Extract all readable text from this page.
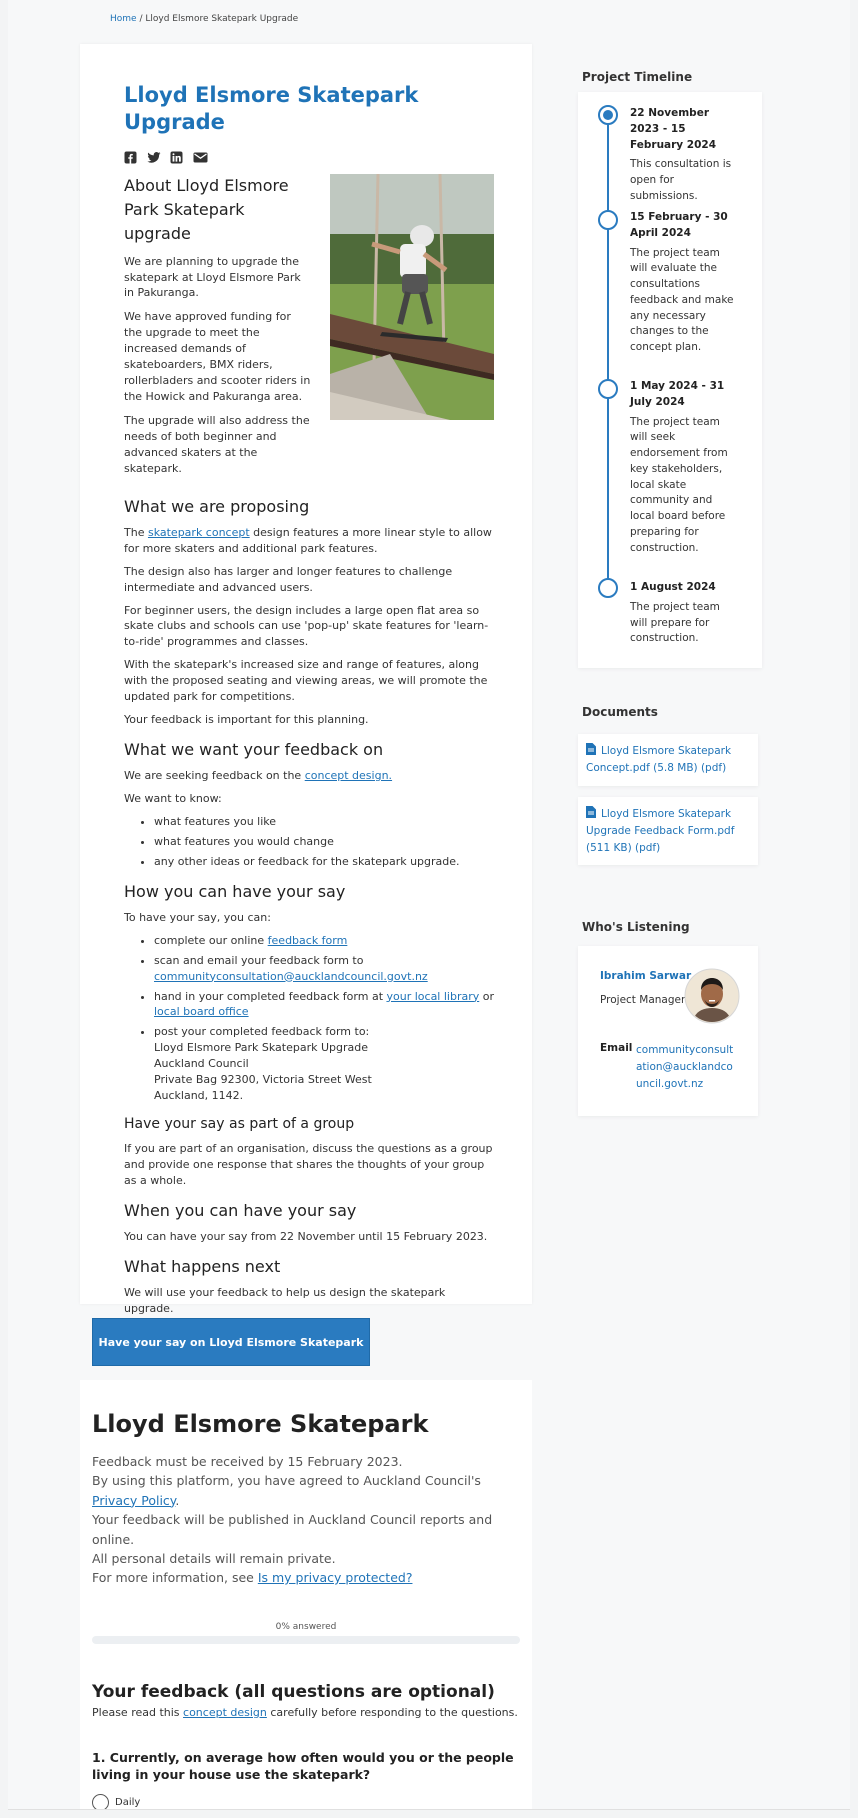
Home / Lloyd Elsmore Skatepark Upgrade
Lloyd Elsmore Skatepark Upgrade
About Lloyd Elsmore Park Skatepark upgrade

We are planning to upgrade the skatepark at Lloyd Elsmore Park in Pakuranga.

We have approved funding for the upgrade to meet the increased demands of skateboarders, BMX riders, rollerbladers and scooter riders in the Howick and Pakuranga area.

The upgrade will also address the needs of both beginner and advanced skaters at the skatepark.

What we are proposing

The skatepark concept design features a more linear style to allow for more skaters and additional park features.

The design also has larger and longer features to challenge intermediate and advanced users.

For beginner users, the design includes a large open flat area so skate clubs and schools can use 'pop-up' skate features for 'learn-to-ride' programmes and classes.

With the skatepark's increased size and range of features, along with the proposed seating and viewing areas, we will promote the updated park for competitions.

Your feedback is important for this planning.

What we want your feedback on

We are seeking feedback on the concept design.

We want to know:

• what features you like
• what features you would change
• any other ideas or feedback for the skatepark upgrade.
How you can have your say

To have your say, you can:

• complete our online feedback form
• scan and email your feedback form to
communityconsultation@aucklandcouncil.govt.nz
• hand in your completed feedback form at your local library or
local board office
• post your completed feedback form to:
Lloyd Elsmore Park Skatepark Upgrade
Auckland Council
Private Bag 92300, Victoria Street West
Auckland, 1142.
Have your say as part of a group

If you are part of an organisation, discuss the questions as a group and provide one response that shares the thoughts of your group as a whole.

When you can have your say

You can have your say from 22 November until 15 February 2023.

What happens next

We will use your feedback to help us design the skatepark upgrade.

Have your say on Lloyd Elsmore Skatepark
Lloyd Elsmore Skatepark
Feedback must be received by 15 February 2023.
By using this platform, you have agreed to Auckland Council's Privacy Policy.
Your feedback will be published in Auckland Council reports and online.
All personal details will remain private.
For more information, see Is my privacy protected?
0% answered
Your feedback (all questions are optional)
Please read this concept design carefully before responding to the questions.
1. Currently, on average how often would you or the people living in your house use the skatepark?
Daily
Project Timeline
22 November 2023 - 15 February 2024
This consultation is open for submissions.
15 February - 30 April 2024
The project team will evaluate the consultations feedback and make any necessary changes to the concept plan.
1 May 2024 - 31 July 2024
The project team will seek endorsement from key stakeholders, local skate community and local board before preparing for construction.
1 August 2024
The project team will prepare for construction.
Documents
Lloyd Elsmore Skatepark Concept.pdf (5.8 MB) (pdf)
Lloyd Elsmore Skatepark Upgrade Feedback Form.pdf (511 KB) (pdf)
Who's Listening
Ibrahim Sarwar
Project Manager
Email communityconsultation@aucklandcouncil.govt.nz
